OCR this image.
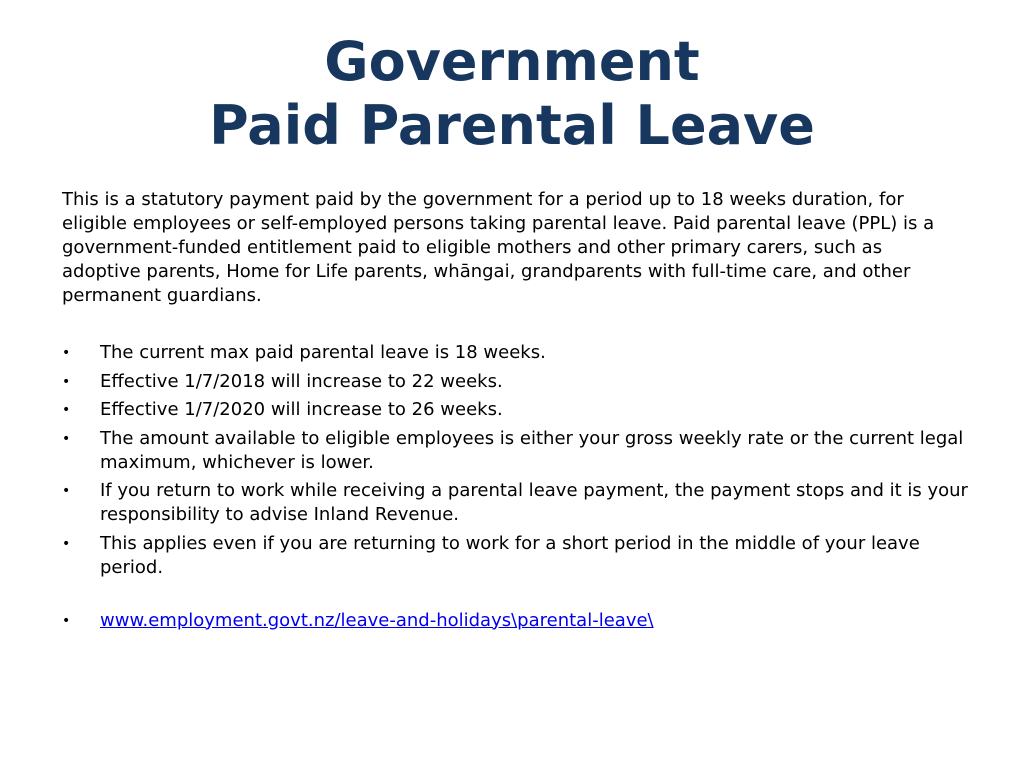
Government
Paid Parental Leave

This is a statutory payment paid by the government for a period up to 18 weeks duration, for eligible employees or self-employed persons taking parental leave. Paid parental leave (PPL) is a government-funded entitlement paid to eligible mothers and other primary carers, such as adoptive parents, Home for Life parents, whāngai, grandparents with full-time care, and other permanent guardians.

• The current max paid parental leave is 18 weeks.
• Effective 1/7/2018 will increase to 22 weeks.
• Effective 1/7/2020 will increase to 26 weeks.
• The amount available to eligible employees is either your gross weekly rate or the current legal maximum, whichever is lower.
• If you return to work while receiving a parental leave payment, the payment stops and it is your responsibility to advise Inland Revenue.
• This applies even if you are returning to work for a short period in the middle of your leave period.
• www.employment.govt.nz/leave-and-holidays\parental-leave\
